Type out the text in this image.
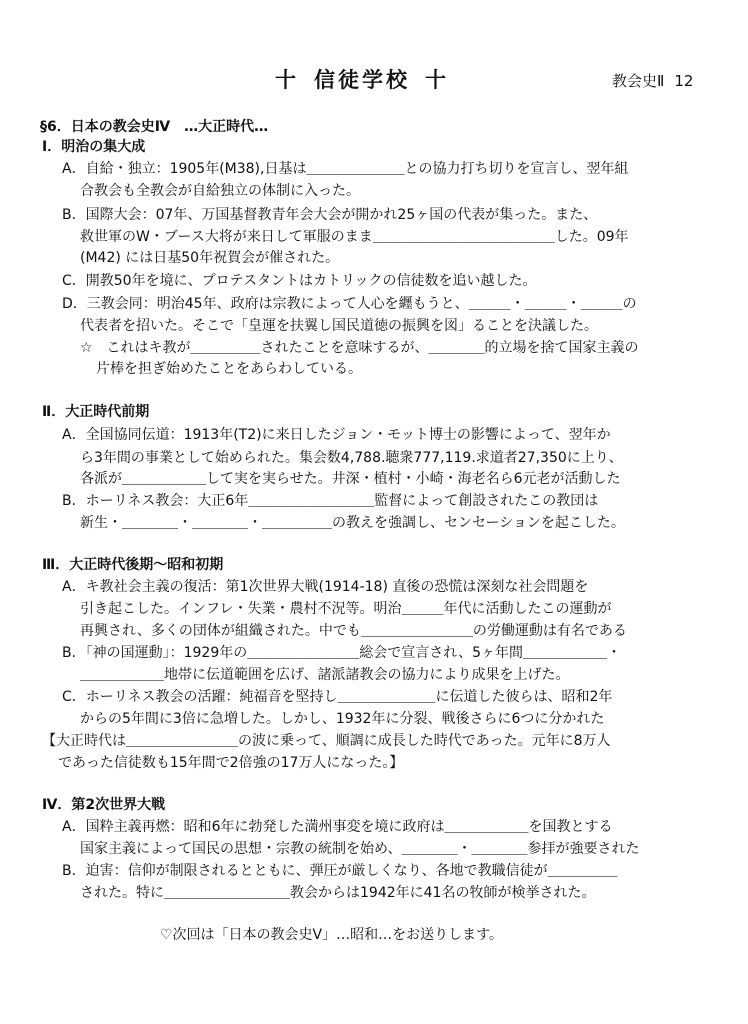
十 信徒学校 十	教会史Ⅱ 12
§6．日本の教会史Ⅳ　…大正時代…
Ⅰ．明治の集大成
A．自給・独立：1905年(M38),日基は＿＿＿＿＿＿＿との協力打ち切りを宣言し、翌年組
合教会も全教会が自給独立の体制に入った。
B．国際大会：07年、万国基督教青年会大会が開かれ25ヶ国の代表が集った。また、
救世軍のW・ブース大将が来日して軍服のまま＿＿＿＿＿＿＿＿＿＿＿＿＿した。09年
(M42) には日基50年祝賀会が催された。
C．開教50年を境に、プロテスタントはカトリックの信徒数を追い越した。
D．三教会同：明治45年、政府は宗教によって人心を纒もうと、＿＿＿・＿＿＿・＿＿＿の
代表者を招いた。そこで「皇運を扶翼し国民道徳の振興を図」ることを決議した。
☆　これはキ教が＿＿＿＿＿されたことを意味するが、＿＿＿＿的立場を捨て国家主義の
片棒を担ぎ始めたことをあらわしている。
Ⅱ．大正時代前期
A．全国協同伝道：1913年(T2)に来日したジョン・モット博士の影響によって、翌年か
ら3年間の事業として始められた。集会数4,788.聴衆777,119.求道者27,350に上り、
各派が＿＿＿＿＿＿して実を実らせた。井深・植村・小崎・海老名ら6元老が活動した
B．ホーリネス教会：大正6年＿＿＿＿＿＿＿＿＿監督によって創設されたこの教団は
新生・＿＿＿＿・＿＿＿＿・＿＿＿＿＿の教えを強調し、センセーションを起こした。
Ⅲ．大正時代後期～昭和初期
A．キ教社会主義の復活：第1次世界大戦(1914-18) 直後の恐慌は深刻な社会問題を
引き起こした。インフレ・失業・農村不況等。明治＿＿＿年代に活動したこの運動が
再興され、多くの団体が組織された。中でも＿＿＿＿＿＿＿＿の労働運動は有名である
B．「神の国運動」：1929年の＿＿＿＿＿＿＿＿総会で宣言され、5ヶ年間＿＿＿＿＿＿・
＿＿＿＿＿＿地帯に伝道範囲を広げ、諸派諸教会の協力により成果を上げた。
C．ホーリネス教会の活躍：純福音を堅持し＿＿＿＿＿＿＿に伝道した彼らは、昭和2年
からの5年間に3倍に急増した。しかし、1932年に分裂、戦後さらに6つに分かれた
【大正時代は＿＿＿＿＿＿＿＿の波に乗って、順調に成長した時代であった。元年に8万人
であった信徒数も15年間で2倍強の17万人になった。】
Ⅳ．第2次世界大戦
A．国粋主義再燃：昭和6年に勃発した満州事変を境に政府は＿＿＿＿＿＿を国教とする
国家主義によって国民の思想・宗教の統制を始め、＿＿＿＿・＿＿＿＿参拝が強要された
B．迫害：信仰が制限されるとともに、弾圧が厳しくなり、各地で教職信徒が＿＿＿＿＿
された。特に＿＿＿＿＿＿＿＿＿教会からは1942年に41名の牧師が検挙された。
♡次回は「日本の教会史Ⅴ」…昭和…をお送りします。
